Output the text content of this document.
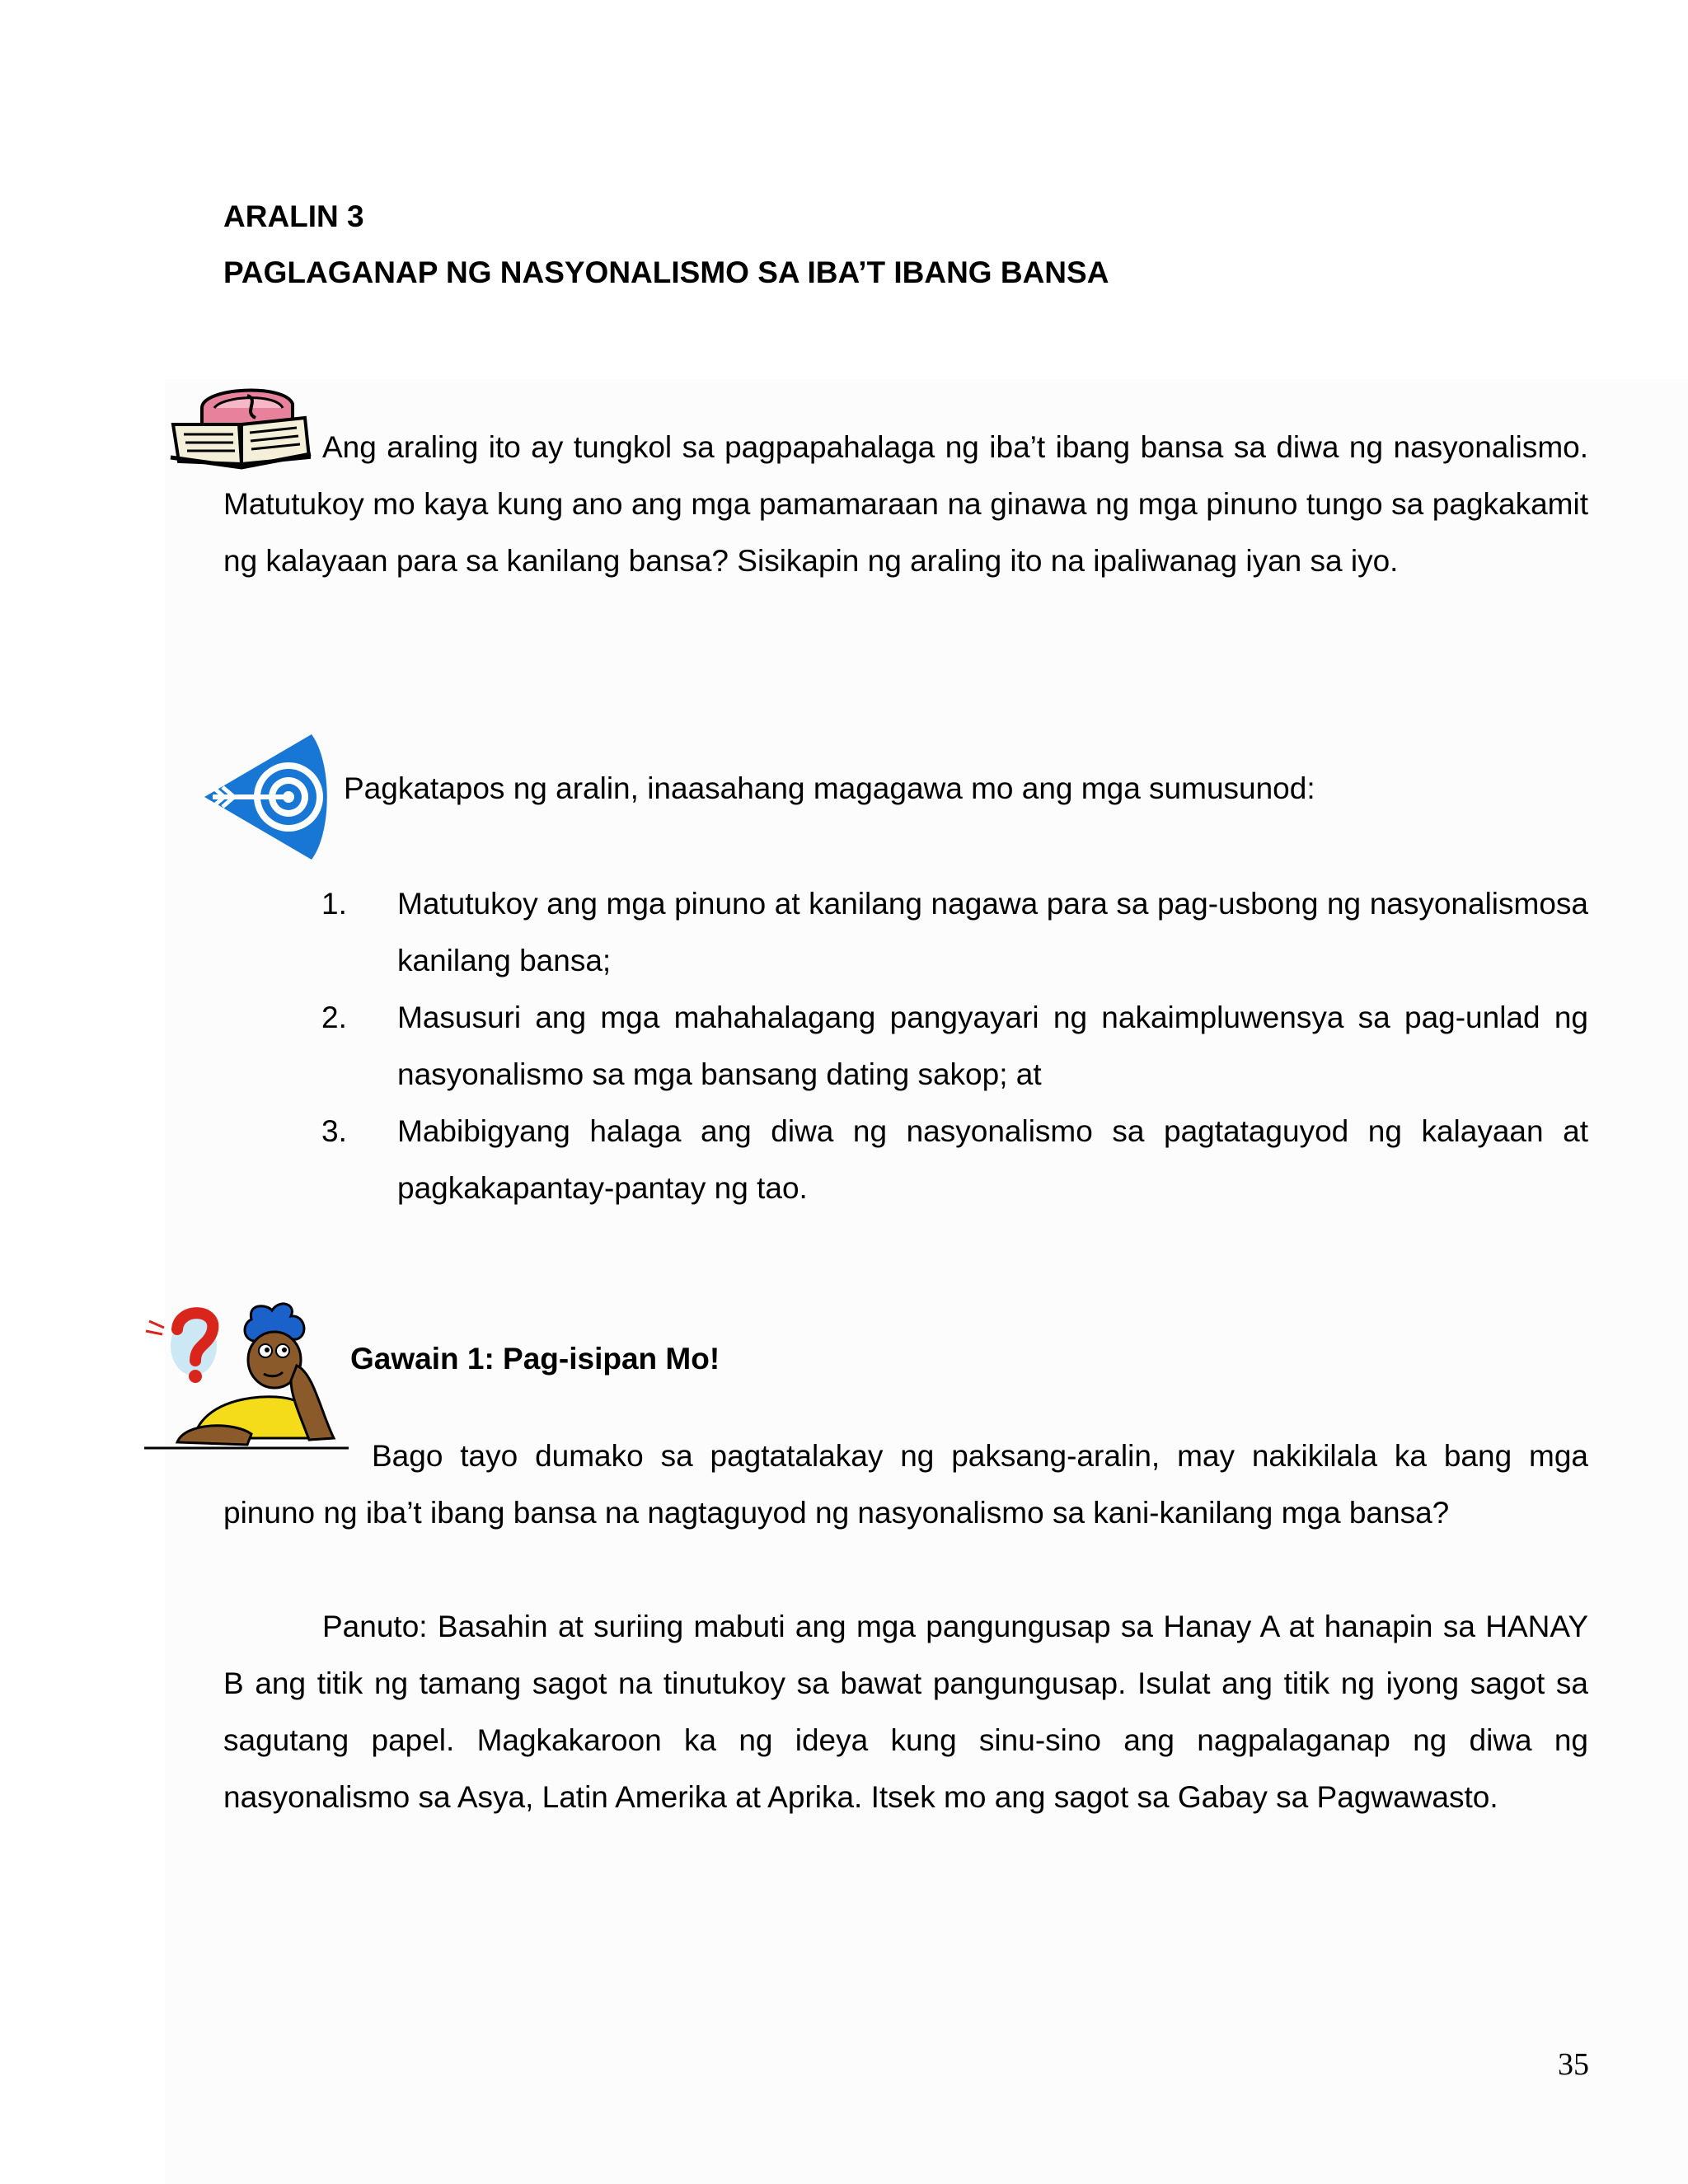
ARALIN 3
PAGLAGANAP NG NASYONALISMO SA IBA’T IBANG BANSA

Ang araling ito ay tungkol sa pagpapahalaga ng iba’t ibang bansa sa diwa ng nasyonalismo. Matutukoy mo kaya kung ano ang mga pamamaraan na ginawa ng mga pinuno tungo sa pagkakamit ng kalayaan para sa kanilang bansa? Sisikapin ng araling ito na ipaliwanag iyan sa iyo.

Pagkatapos ng aralin, inaasahang magagawa mo ang mga sumusunod:
1. Matutukoy ang mga pinuno at kanilang nagawa para sa pag-usbong ng nasyonalismosa kanilang bansa;
2. Masusuri ang mga mahahalagang pangyayari ng nakaimpluwensya sa pag-unlad ng nasyonalismo sa mga bansang dating sakop; at
3. Mabibigyang halaga ang diwa ng nasyonalismo sa pagtataguyod ng kalayaan at pagkakapantay-pantay ng tao.
Gawain 1: Pag-isipan Mo!

Bago tayo dumako sa pagtatalakay ng paksang-aralin, may nakikilala ka bang mga pinuno ng iba’t ibang bansa na nagtaguyod ng nasyonalismo sa kani-kanilang mga bansa?

Panuto: Basahin at suriing mabuti ang mga pangungusap sa Hanay A at hanapin sa HANAY B ang titik ng tamang sagot na tinutukoy sa bawat pangungusap. Isulat ang titik ng iyong sagot sa sagutang papel. Magkakaroon ka ng ideya kung sinu-sino ang nagpalaganap ng diwa ng nasyonalismo sa Asya, Latin Amerika at Aprika. Itsek mo ang sagot sa Gabay sa Pagwawasto.

35
